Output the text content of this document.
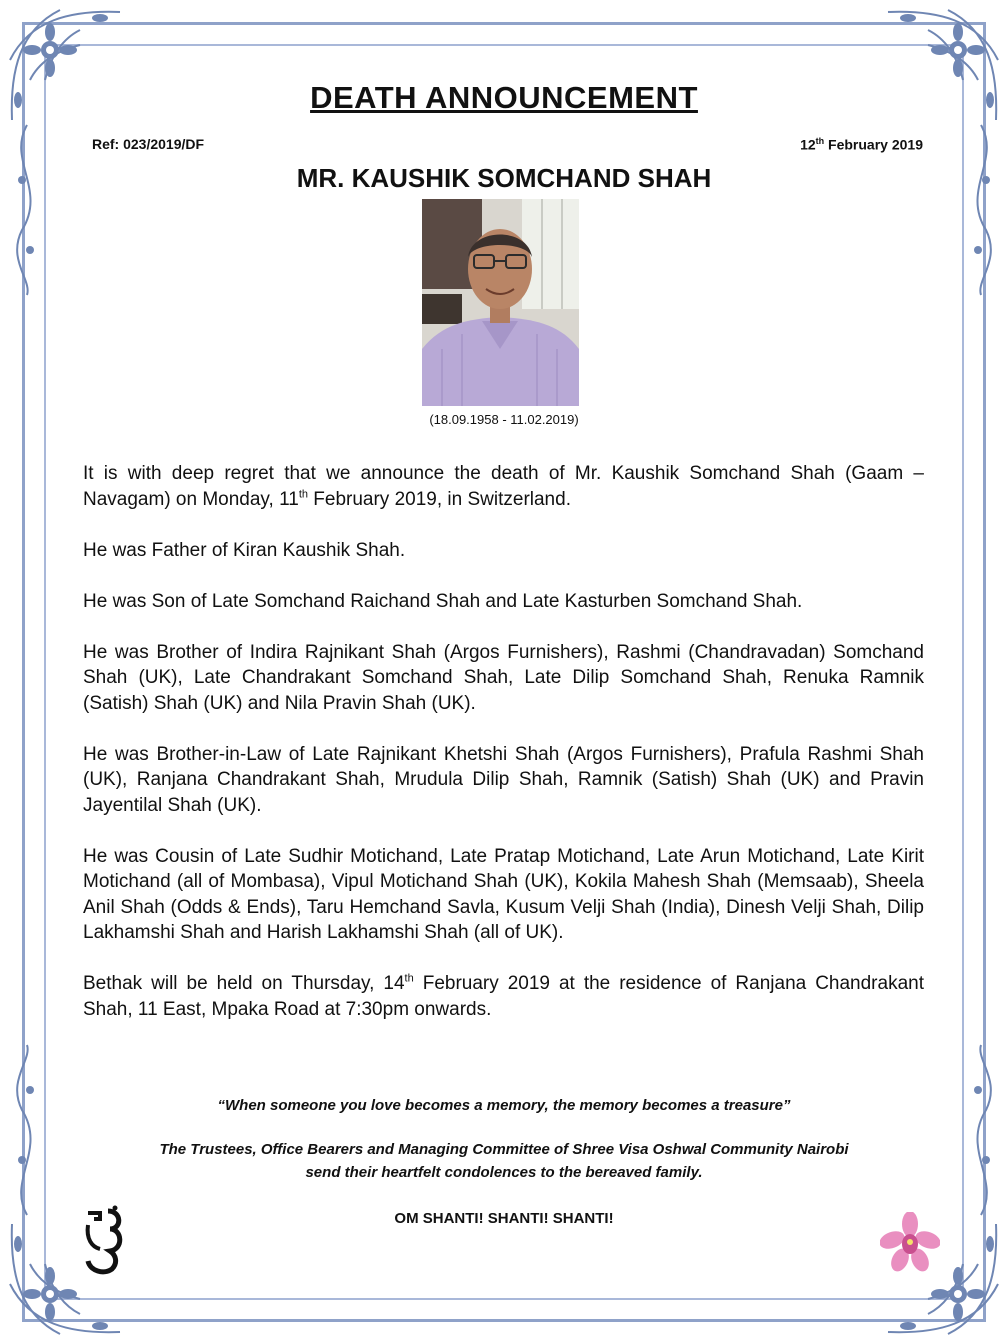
DEATH ANNOUNCEMENT
Ref: 023/2019/DF	12th February 2019
MR. KAUSHIK SOMCHAND SHAH
(18.09.1958 - 11.02.2019)

It is with deep regret that we announce the death of Mr. Kaushik Somchand Shah (Gaam – Navagam) on Monday, 11th February 2019, in Switzerland.

He was Father of Kiran Kaushik Shah.

He was Son of Late Somchand Raichand Shah and Late Kasturben Somchand Shah.

He was Brother of Indira Rajnikant Shah (Argos Furnishers), Rashmi (Chandravadan) Somchand Shah (UK), Late Chandrakant Somchand Shah, Late Dilip Somchand Shah, Renuka Ramnik (Satish) Shah (UK) and Nila Pravin Shah (UK).

He was Brother-in-Law of Late Rajnikant Khetshi Shah (Argos Furnishers), Prafula Rashmi Shah (UK), Ranjana Chandrakant Shah, Mrudula Dilip Shah, Ramnik (Satish) Shah (UK) and Pravin Jayentilal Shah (UK).

He was Cousin of Late Sudhir Motichand, Late Pratap Motichand, Late Arun Motichand, Late Kirit Motichand (all of Mombasa), Vipul Motichand Shah (UK), Kokila Mahesh Shah (Memsaab), Sheela Anil Shah (Odds & Ends), Taru Hemchand Savla, Kusum Velji Shah (India), Dinesh Velji Shah, Dilip Lakhamshi Shah and Harish Lakhamshi Shah (all of UK).

Bethak will be held on Thursday, 14th February 2019 at the residence of Ranjana Chandrakant Shah, 11 East, Mpaka Road at 7:30pm onwards.

“When someone you love becomes a memory, the memory becomes a treasure”
The Trustees, Office Bearers and Managing Committee of Shree Visa Oshwal Community Nairobi
send their heartfelt condolences to the bereaved family.
OM SHANTI! SHANTI! SHANTI!
